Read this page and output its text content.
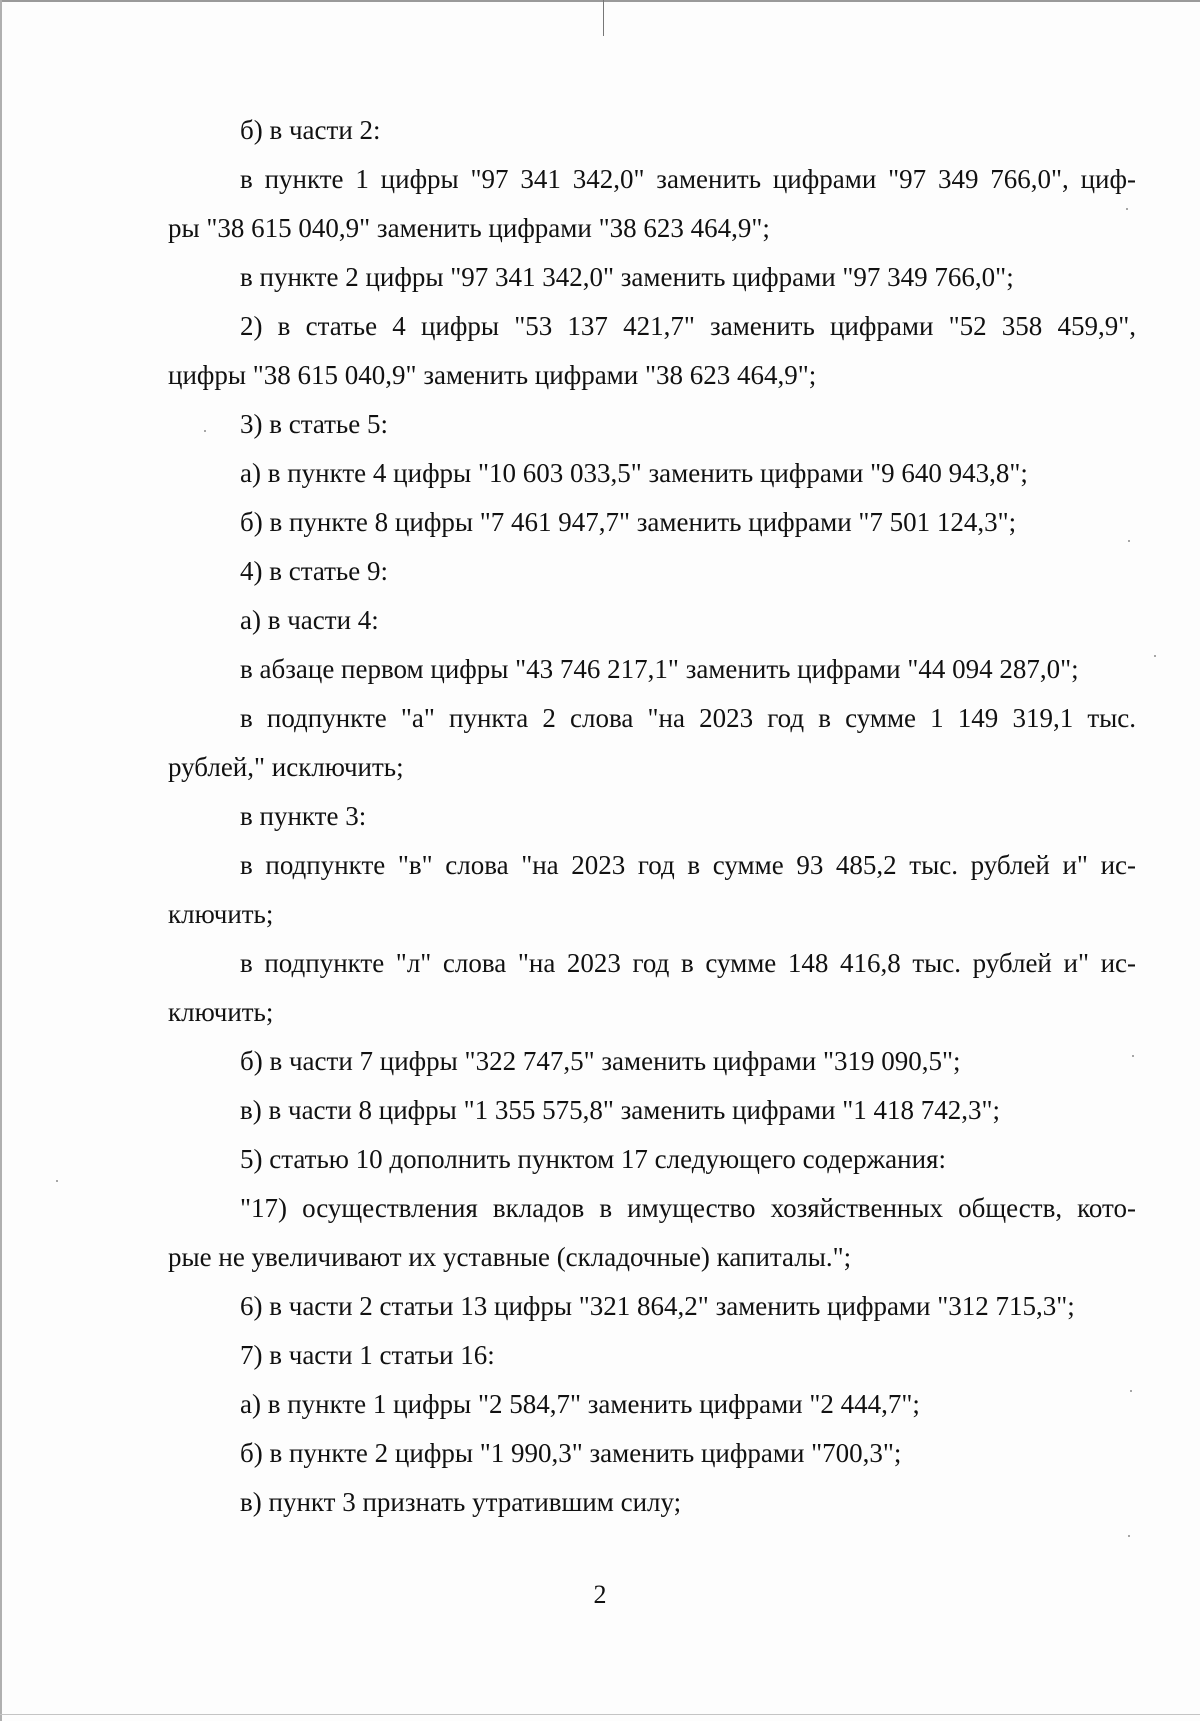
б) в части 2:
в пункте 1 цифры "97 341 342,0" заменить цифрами "97 349 766,0", циф-
ры "38 615 040,9" заменить цифрами "38 623 464,9";
в пункте 2 цифры "97 341 342,0" заменить цифрами "97 349 766,0";
2) в статье 4 цифры "53 137 421,7" заменить цифрами "52 358 459,9",
цифры "38 615 040,9" заменить цифрами "38 623 464,9";
3) в статье 5:
а) в пункте 4 цифры "10 603 033,5" заменить цифрами "9 640 943,8";
б) в пункте 8 цифры "7 461 947,7" заменить цифрами "7 501 124,3";
4) в статье 9:
а) в части 4:
в абзаце первом цифры "43 746 217,1" заменить цифрами "44 094 287,0";
в подпункте "а" пункта 2 слова "на 2023 год в сумме 1 149 319,1 тыс.
рублей," исключить;
в пункте 3:
в подпункте "в" слова "на 2023 год в сумме 93 485,2 тыс. рублей и" ис-
ключить;
в подпункте "л" слова "на 2023 год в сумме 148 416,8 тыс. рублей и" ис-
ключить;
б) в части 7 цифры "322 747,5" заменить цифрами "319 090,5";
в) в части 8 цифры "1 355 575,8" заменить цифрами "1 418 742,3";
5) статью 10 дополнить пунктом 17 следующего содержания:
"17) осуществления вкладов в имущество хозяйственных обществ, кото-
рые не увеличивают их уставные (складочные) капиталы.";
6) в части 2 статьи 13 цифры "321 864,2" заменить цифрами "312 715,3";
7) в части 1 статьи 16:
а) в пункте 1 цифры "2 584,7" заменить цифрами "2 444,7";
б) в пункте 2 цифры "1 990,3" заменить цифрами "700,3";
в) пункт 3 признать утратившим силу;
2
